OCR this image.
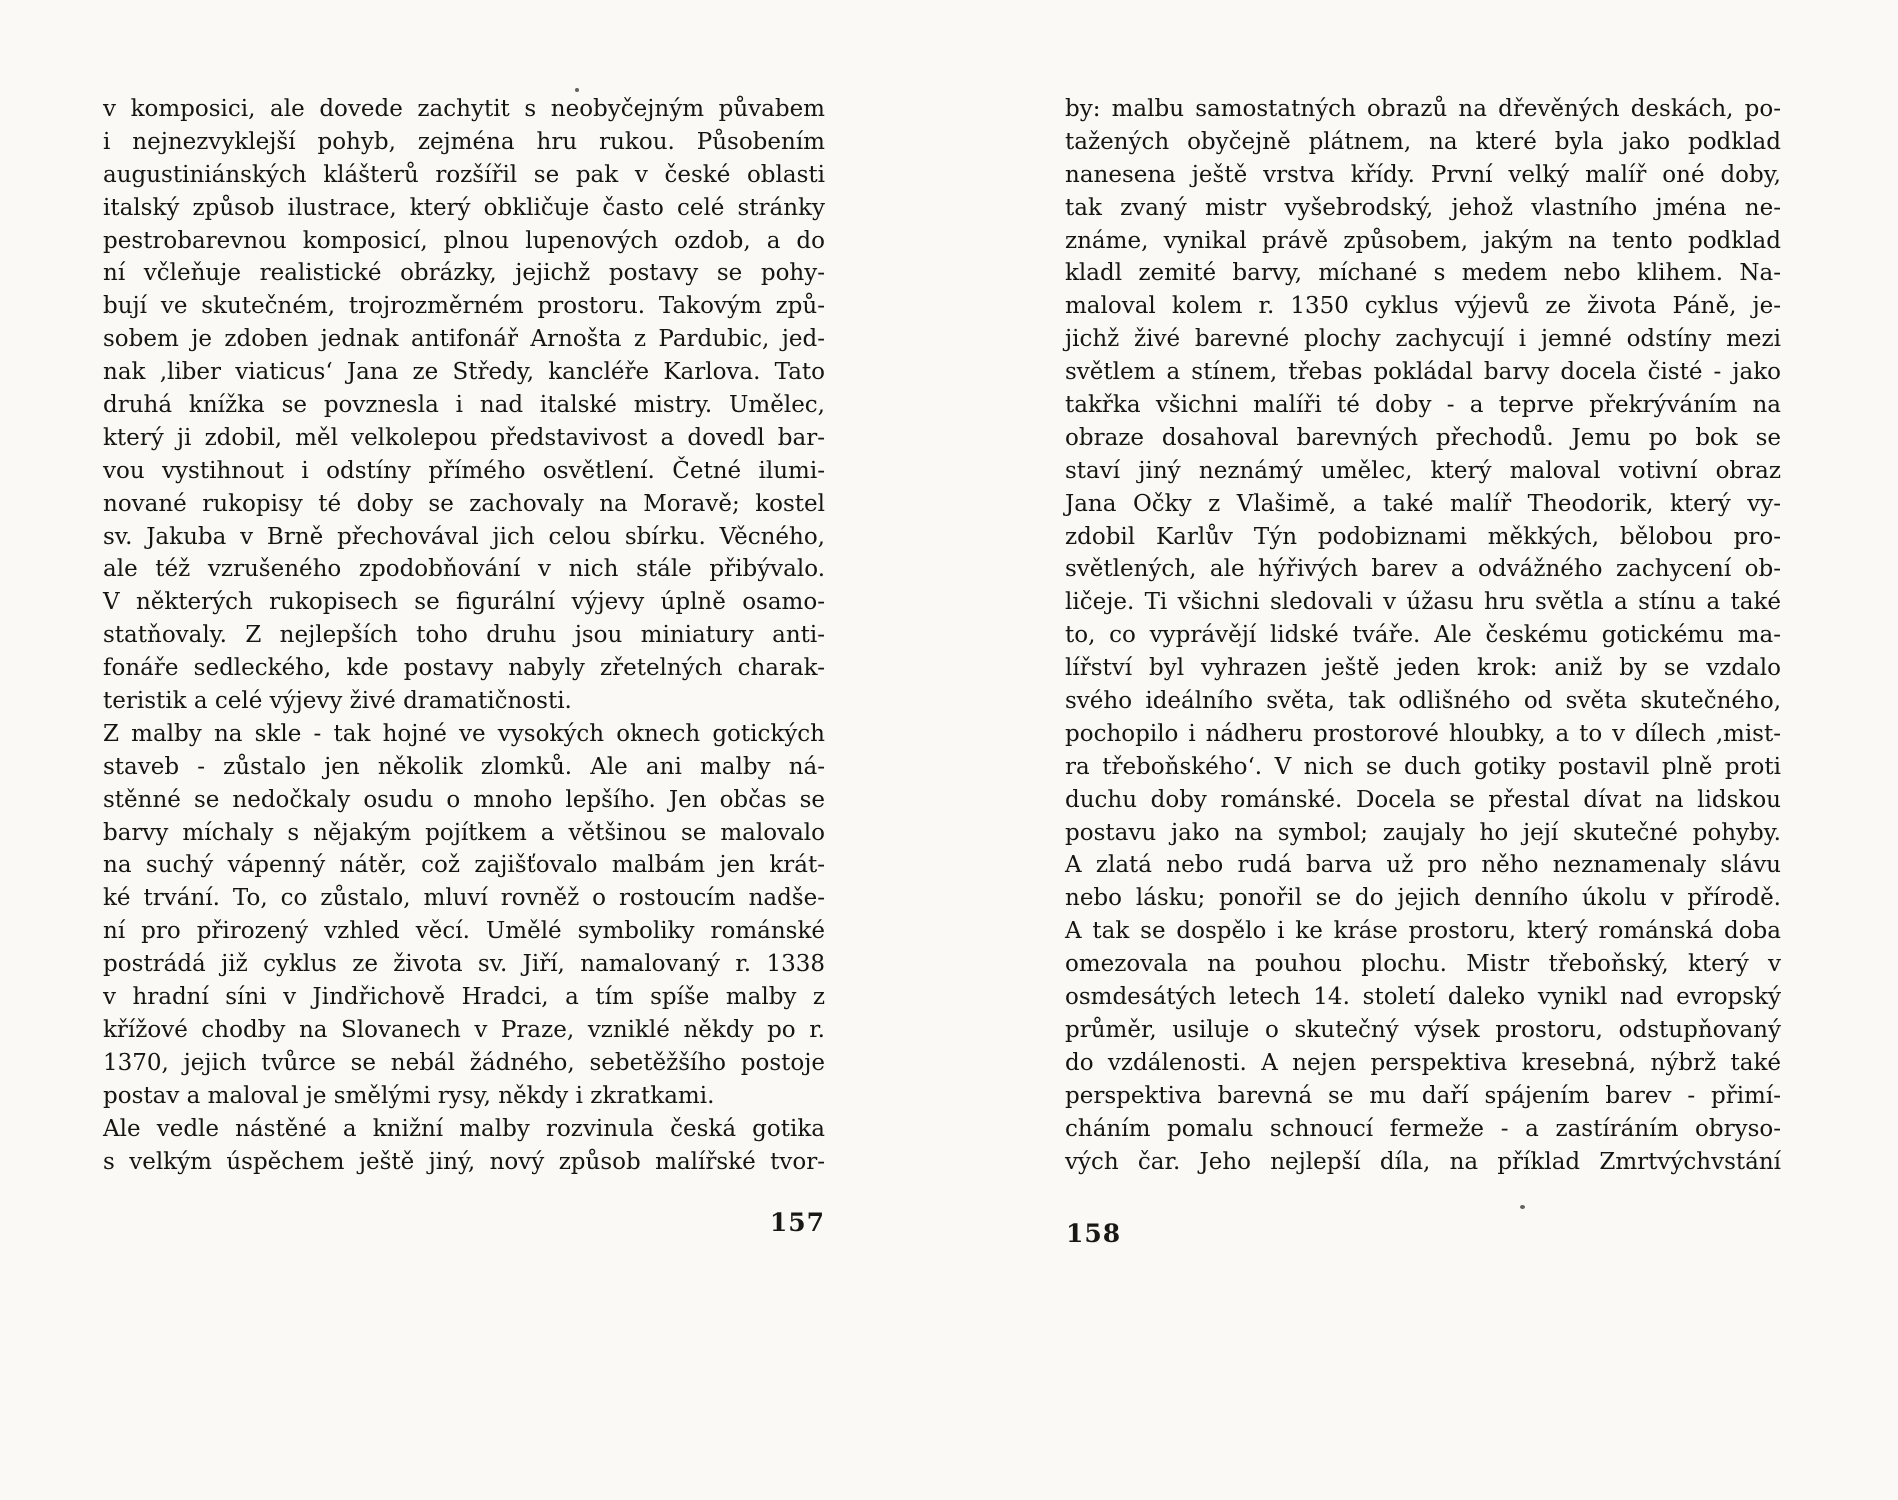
v komposici, ale dovede zachytit s neobyčejným půvabem
i nejnezvyklejší pohyb, zejména hru rukou. Působením
augustiniánských klášterů rozšířil se pak v české oblasti
italský způsob ilustrace, který obkličuje často celé stránky
pestrobarevnou komposicí, plnou lupenových ozdob, a do
ní včleňuje realistické obrázky, jejichž postavy se pohy-
bují ve skutečném, trojrozměrném prostoru. Takovým způ-
sobem je zdoben jednak antifonář Arnošta z Pardubic, jed-
nak ‚liber viaticus‘ Jana ze Středy, kancléře Karlova. Tato
druhá knížka se povznesla i nad italské mistry. Umělec,
který ji zdobil, měl velkolepou představivost a dovedl bar-
vou vystihnout i odstíny přímého osvětlení. Četné ilumi-
nované rukopisy té doby se zachovaly na Moravě; kostel
sv. Jakuba v Brně přechovával jich celou sbírku. Věcného,
ale též vzrušeného zpodobňování v nich stále přibývalo.
V některých rukopisech se figurální výjevy úplně osamo-
statňovaly. Z nejlepších toho druhu jsou miniatury anti-
fonáře sedleckého, kde postavy nabyly zřetelných charak-
teristik a celé výjevy živé dramatičnosti.
Z malby na skle - tak hojné ve vysokých oknech gotických
staveb - zůstalo jen několik zlomků. Ale ani malby ná-
stěnné se nedočkaly osudu o mnoho lepšího. Jen občas se
barvy míchaly s nějakým pojítkem a většinou se malovalo
na suchý vápenný nátěr, což zajišťovalo malbám jen krát-
ké trvání. To, co zůstalo, mluví rovněž o rostoucím nadše-
ní pro přirozený vzhled věcí. Umělé symboliky románské
postrádá již cyklus ze života sv. Jiří, namalovaný r. 1338
v hradní síni v Jindřichově Hradci, a tím spíše malby z
křížové chodby na Slovanech v Praze, vzniklé někdy po r.
1370, jejich tvůrce se nebál žádného, sebetěžšího postoje
postav a maloval je smělými rysy, někdy i zkratkami.
Ale vedle nástěné a knižní malby rozvinula česká gotika
s velkým úspěchem ještě jiný, nový způsob malířské tvor-
157
by: malbu samostatných obrazů na dřevěných deskách, po-
tažených obyčejně plátnem, na které byla jako podklad
nanesena ještě vrstva křídy. První velký malíř oné doby,
tak zvaný mistr vyšebrodský, jehož vlastního jména ne-
známe, vynikal právě způsobem, jakým na tento podklad
kladl zemité barvy, míchané s medem nebo klihem. Na-
maloval kolem r. 1350 cyklus výjevů ze života Páně, je-
jichž živé barevné plochy zachycují i jemné odstíny mezi
světlem a stínem, třebas pokládal barvy docela čisté - jako
takřka všichni malíři té doby - a teprve překrýváním na
obraze dosahoval barevných přechodů. Jemu po bok se
staví jiný neznámý umělec, který maloval votivní obraz
Jana Očky z Vlašimě, a také malíř Theodorik, který vy-
zdobil Karlův Týn podobiznami měkkých, bělobou pro-
světlených, ale hýřivých barev a odvážného zachycení ob-
ličeje. Ti všichni sledovali v úžasu hru světla a stínu a také
to, co vyprávějí lidské tváře. Ale českému gotickému ma-
lířství byl vyhrazen ještě jeden krok: aniž by se vzdalo
svého ideálního světa, tak odlišného od světa skutečného,
pochopilo i nádheru prostorové hloubky, a to v dílech ‚mist-
ra třeboňského‘. V nich se duch gotiky postavil plně proti
duchu doby románské. Docela se přestal dívat na lidskou
postavu jako na symbol; zaujaly ho její skutečné pohyby.
A zlatá nebo rudá barva už pro něho neznamenaly slávu
nebo lásku; ponořil se do jejich denního úkolu v přírodě.
A tak se dospělo i ke kráse prostoru, který románská doba
omezovala na pouhou plochu. Mistr třeboňský, který v
osmdesátých letech 14. století daleko vynikl nad evropský
průměr, usiluje o skutečný výsek prostoru, odstupňovaný
do vzdálenosti. A nejen perspektiva kresebná, nýbrž také
perspektiva barevná se mu daří spájením barev - přimí-
cháním pomalu schnoucí fermeže - a zastíráním obryso-
vých čar. Jeho nejlepší díla, na příklad Zmrtvýchvstání
158
